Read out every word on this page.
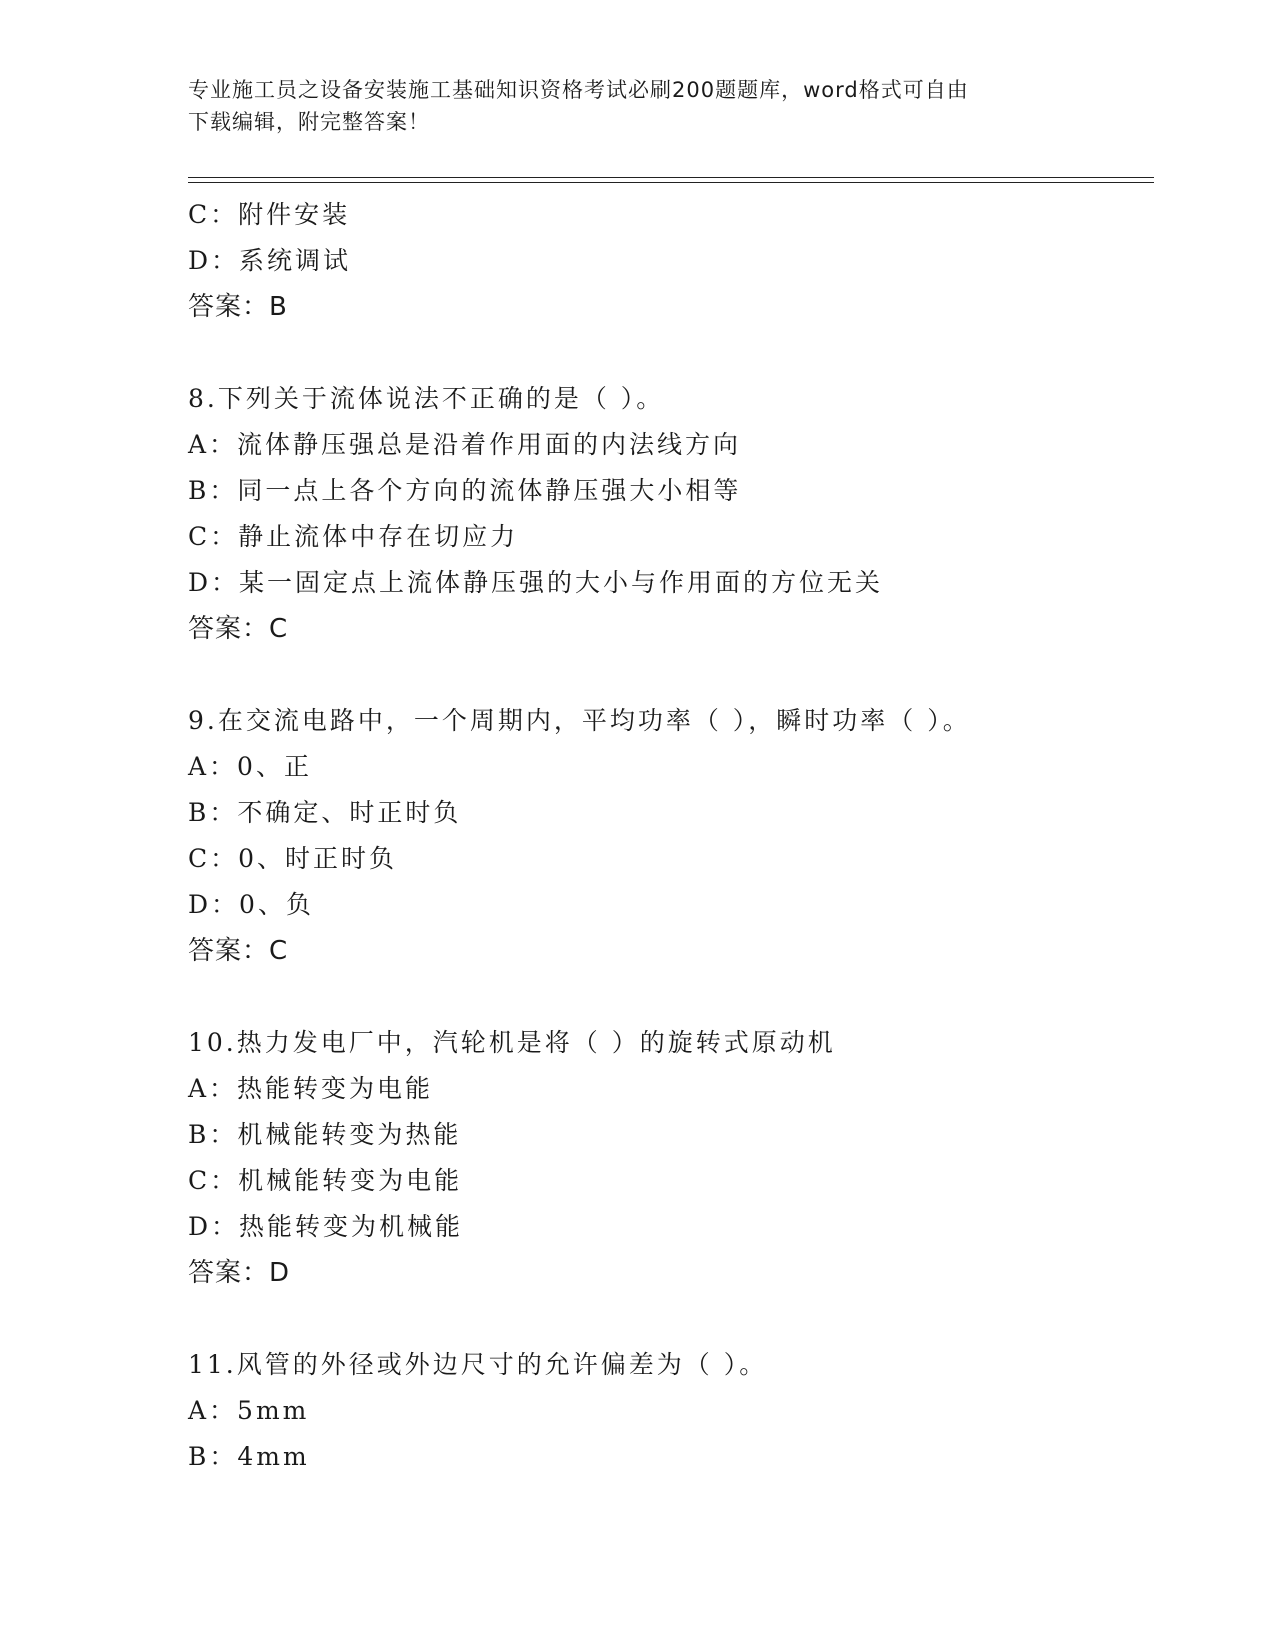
专业施工员之设备安装施工基础知识资格考试必刷200题题库，word格式可自由
下载编辑，附完整答案！
C：附件安装
D：系统调试
答案：B
8.下列关于流体说法不正确的是（ ）。
A：流体静压强总是沿着作用面的内法线方向
B：同一点上各个方向的流体静压强大小相等
C：静止流体中存在切应力
D：某一固定点上流体静压强的大小与作用面的方位无关
答案：C
9.在交流电路中，一个周期内，平均功率（ ），瞬时功率（ ）。
A：0、正
B：不确定、时正时负
C：0、时正时负
D：0、负
答案：C
10.热力发电厂中，汽轮机是将（ ）的旋转式原动机
A：热能转变为电能
B：机械能转变为热能
C：机械能转变为电能
D：热能转变为机械能
答案：D
11.风管的外径或外边尺寸的允许偏差为（ ）。
A：5mm
B：4mm
